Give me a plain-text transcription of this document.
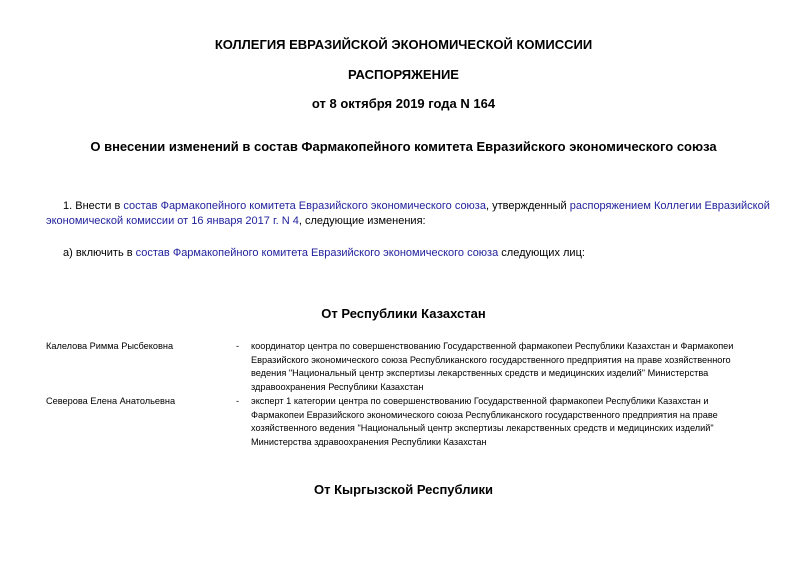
КОЛЛЕГИЯ ЕВРАЗИЙСКОЙ ЭКОНОМИЧЕСКОЙ КОМИССИИ
РАСПОРЯЖЕНИЕ
от 8 октября 2019 года N 164
О внесении изменений в состав Фармакопейного комитета Евразийского экономического союза
1. Внести в состав Фармакопейного комитета Евразийского экономического союза, утвержденный распоряжением Коллегии Евразийской экономической комиссии от 16 января 2017 г. N 4, следующие изменения:
а) включить в состав Фармакопейного комитета Евразийского экономического союза следующих лиц:
От Республики Казахстан
Калелова Римма Рысбековна	- координатор центра по совершенствованию Государственной фармакопеи Республики Казахстан и Фармакопеи Евразийского экономического союза Республиканского государственного предприятия на праве хозяйственного ведения "Национальный центр экспертизы лекарственных средств и медицинских изделий" Министерства здравоохранения Республики Казахстан
Северова Елена Анатольевна	- эксперт 1 категории центра по совершенствованию Государственной фармакопеи Республики Казахстан и Фармакопеи Евразийского экономического союза Республиканского государственного предприятия на праве хозяйственного ведения "Национальный центр экспертизы лекарственных средств и медицинских изделий" Министерства здравоохранения Республики Казахстан
От Кыргызской Республики
